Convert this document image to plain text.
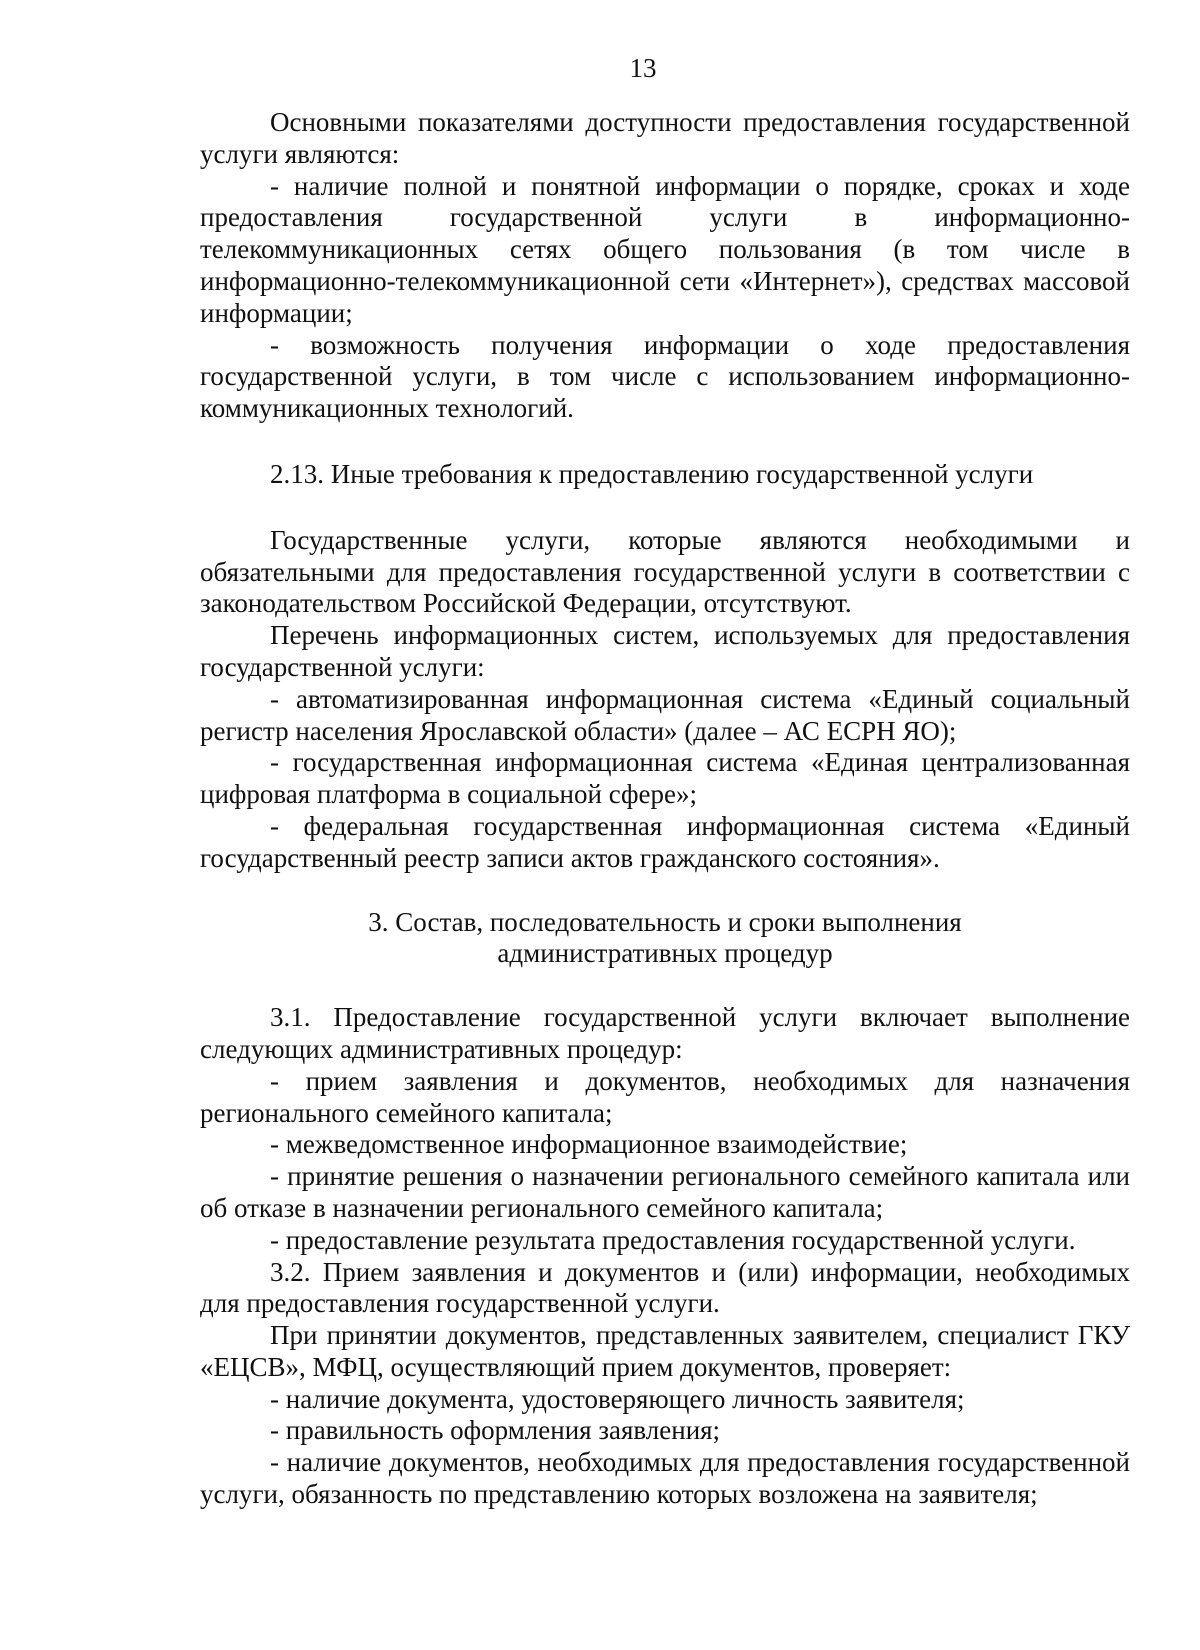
13

Основными показателями доступности предоставления государственной услуги являются:

- наличие полной и понятной информации о порядке, сроках и ходе предоставления государственной услуги в информационно-телекоммуникационных сетях общего пользования (в том числе в информационно-телекоммуникационной сети «Интернет»), средствах массовой информации;

- возможность получения информации о ходе предоставления государственной услуги, в том числе с использованием информационно-коммуникационных технологий.

2.13. Иные требования к предоставлению государственной услуги

Государственные услуги, которые являются необходимыми и обязательными для предоставления государственной услуги в соответствии с законодательством Российской Федерации, отсутствуют.

Перечень информационных систем, используемых для предоставления государственной услуги:

- автоматизированная информационная система «Единый социальный регистр населения Ярославской области» (далее – АС ЕСРН ЯО);

- государственная информационная система «Единая централизованная цифровая платформа в социальной сфере»;

- федеральная государственная информационная система «Единый государственный реестр записи актов гражданского состояния».

3. Состав, последовательность и сроки выполнения

административных процедур

3.1. Предоставление государственной услуги включает выполнение следующих административных процедур:

- прием заявления и документов, необходимых для назначения регионального семейного капитала;

- межведомственное информационное взаимодействие;

- принятие решения о назначении регионального семейного капитала или об отказе в назначении регионального семейного капитала;

- предоставление результата предоставления государственной услуги.

3.2. Прием заявления и документов и (или) информации, необходимых для предоставления государственной услуги.

При принятии документов, представленных заявителем, специалист ГКУ «ЕЦСВ», МФЦ, осуществляющий прием документов, проверяет:

- наличие документа, удостоверяющего личность заявителя;

- правильность оформления заявления;

- наличие документов, необходимых для предоставления государственной услуги, обязанность по представлению которых возложена на заявителя;
